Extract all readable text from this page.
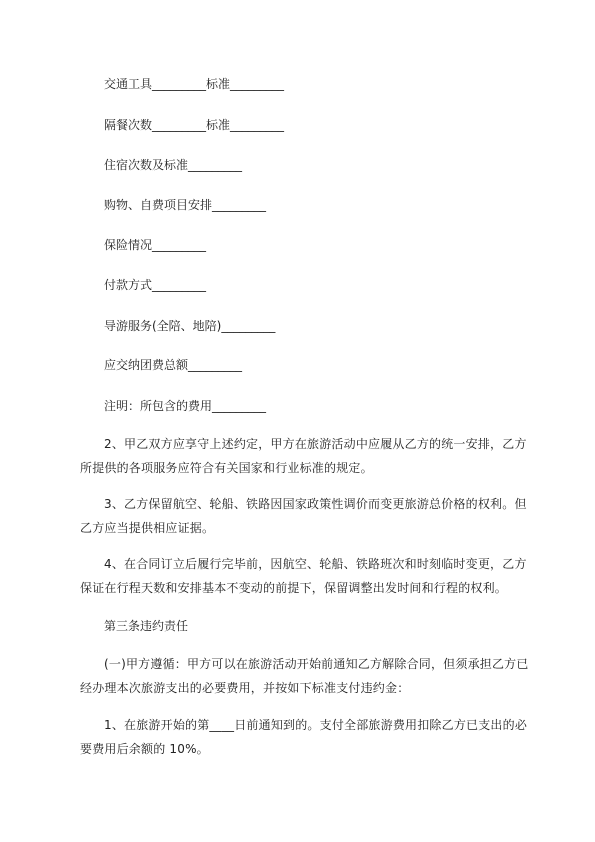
交通工具_________标准_________
隔餐次数_________标准_________
住宿次数及标准_________
购物、自费项目安排_________
保险情况_________
付款方式_________
导游服务(全陪、地陪)_________
应交纳团费总额_________
注明：所包含的费用_________
2、甲乙双方应享守上述约定，甲方在旅游活动中应履从乙方的统一安排，乙方
所提供的各项服务应符合有关国家和行业标准的规定。
3、乙方保留航空、轮船、铁路因国家政策性调价而变更旅游总价格的权利。但
乙方应当提供相应证据。
4、在合同订立后履行完毕前，因航空、轮船、铁路班次和时刻临时变更，乙方
保证在行程天数和安排基本不变动的前提下，保留调整出发时间和行程的权利。
第三条违约责任
(一)甲方遵循：甲方可以在旅游活动开始前通知乙方解除合同，但须承担乙方已
经办理本次旅游支出的必要费用，并按如下标准支付违约金：
1、在旅游开始的第____日前通知到的。支付全部旅游费用扣除乙方已支出的必
要费用后余额的 10%。
